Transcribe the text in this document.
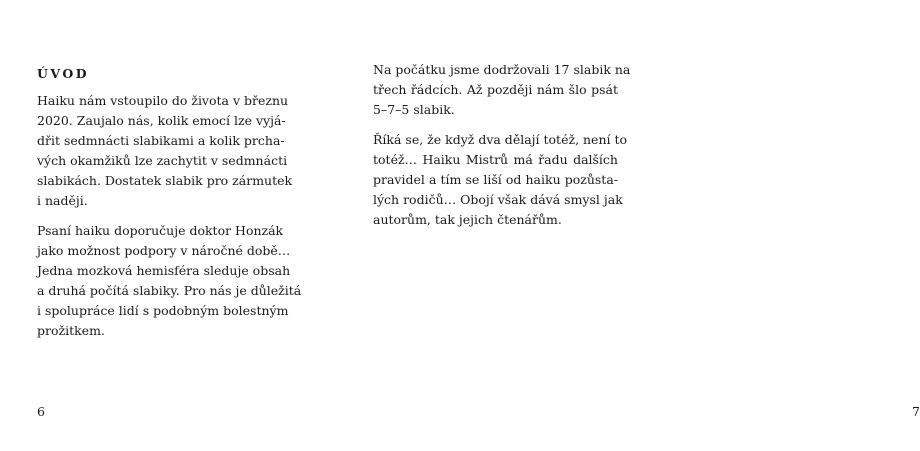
ÚVOD

Haiku nám vstoupilo do života v březnu
2020. Zaujalo nás, kolik emocí lze vyjá-
dřit sedmnácti slabikami a kolik prcha-
vých okamžiků lze zachytit v sedmnácti
slabikách. Dostatek slabik pro zármutek
i naději.

Psaní haiku doporučuje doktor Honzák
jako možnost podpory v náročné době…
Jedna mozková hemisféra sleduje obsah
a druhá počítá slabiky. Pro nás je důležitá
i spolupráce lidí s podobným bolestným
prožitkem.

6

Na počátku jsme dodržovali 17 slabik na
třech řádcích. Až později nám šlo psát
5–7–5 slabik.

Říká se, že když dva dělají totéž, není to
totéž… Haiku Mistrů má řadu dalších
pravidel a tím se liší od haiku pozůsta-
lých rodičů… Obojí však dává smysl jak
autorům, tak jejich čtenářům.

7
